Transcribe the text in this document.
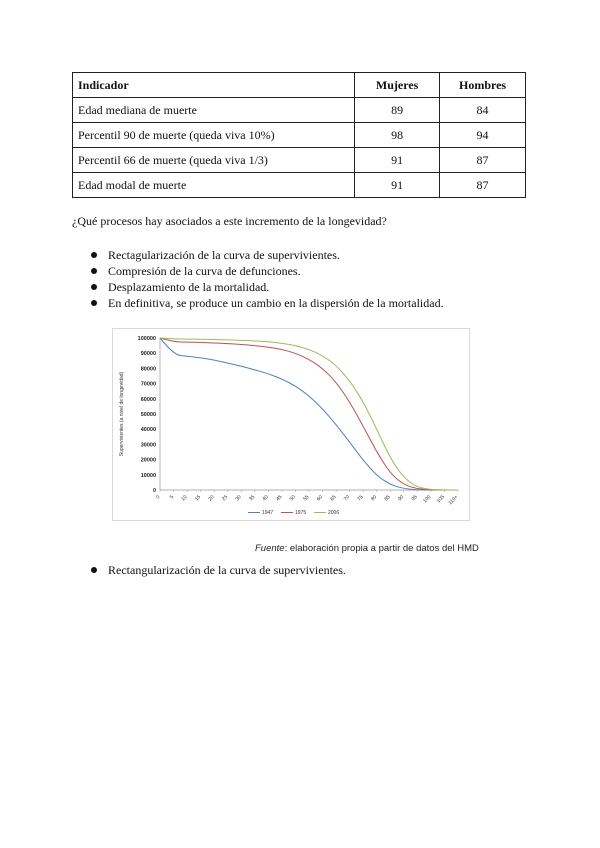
Indicador	Mujeres	Hombres
Edad mediana de muerte	89	84
Percentil 90 de muerte (queda viva 10%)	98	94
Percentil 66 de muerte (queda viva 1/3)	91	87
Edad modal de muerte	91	87
¿Qué procesos hay asociados a este incremento de la longevidad?
Rectagularización de la curva de supervivientes.
Compresión de la curva de defunciones.
Desplazamiento de la mortalidad.
En definitiva, se produce un cambio en la dispersión de la mortalidad.
Supervivientes (a nivel de longevidad)
0
10000
20000
30000
40000
50000
60000
70000
80000
90000
100000
0 5 10 15 20 25 30 35 40 45 50 55 60 65 70 75 80 85 90 95 100 105 110+
1947	1975	2006
Fuente: elaboración propia a partir de datos del HMD
Rectangularización de la curva de supervivientes.
